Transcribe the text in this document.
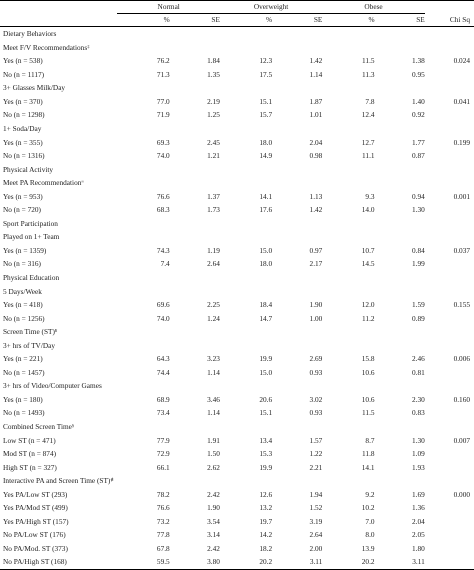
	Normal		Overweight		Obese		
	%	SE	%	SE	%	SE	Chi Sq
Dietary Behaviors							
Meet F/V Recommendations‡							
Yes (n = 538)	76.2	1.84	12.3	1.42	11.5	1.38	0.024
No (n = 1117)	71.3	1.35	17.5	1.14	11.3	0.95	
3+ Glasses Milk/Day							
Yes (n = 370)	77.0	2.19	15.1	1.87	7.8	1.40	0.041
No (n = 1298)	71.9	1.25	15.7	1.01	12.4	0.92	
1+ Soda/Day							
Yes (n = 355)	69.3	2.45	18.0	2.04	12.7	1.77	0.199
No (n = 1316)	74.0	1.21	14.9	0.98	11.1	0.87	
Physical Activity							
Meet PA Recommendation≈							
Yes (n = 953)	76.6	1.37	14.1	1.13	9.3	0.94	0.001
No (n = 720)	68.3	1.73	17.6	1.42	14.0	1.30	
Sport Participation							
Played on 1+ Team							
Yes (n = 1359)	74.3	1.19	15.0	0.97	10.7	0.84	0.037
No (n = 316)	7.4	2.64	18.0	2.17	14.5	1.99	
Physical Education							
5 Days/Week							
Yes (n = 418)	69.6	2.25	18.4	1.90	12.0	1.59	0.155
No (n = 1256)	74.0	1.24	14.7	1.00	11.2	0.89	
Screen Time (ST)¥							
3+ hrs of TV/Day							
Yes (n = 221)	64.3	3.23	19.9	2.69	15.8	2.46	0.006
No (n = 1457)	74.4	1.14	15.0	0.93	10.6	0.81	
3+ hrs of Video/Computer Games							
Yes (n = 180)	68.9	3.46	20.6	3.02	10.6	2.30	0.160
No (n = 1493)	73.4	1.14	15.1	0.93	11.5	0.83	
Combined Screen Time§							
Low ST (n = 471)	77.9	1.91	13.4	1.57	8.7	1.30	0.007
Mod ST (n = 874)	72.9	1.50	15.3	1.22	11.8	1.09	
High ST (n = 327)	66.1	2.62	19.9	2.21	14.1	1.93	
Interactive PA and Screen Time (ST)∉							
Yes PA/Low ST (293)	78.2	2.42	12.6	1.94	9.2	1.69	0.000
Yes PA/Mod ST (499)	76.6	1.90	13.2	1.52	10.2	1.36	
Yes PA/High ST (157)	73.2	3.54	19.7	3.19	7.0	2.04	
No PA/Low ST (176)	77.8	3.14	14.2	2.64	8.0	2.05	
No PA/Mod. ST (373)	67.8	2.42	18.2	2.00	13.9	1.80	
No PA/High ST (168)	59.5	3.80	20.2	3.11	20.2	3.11	
